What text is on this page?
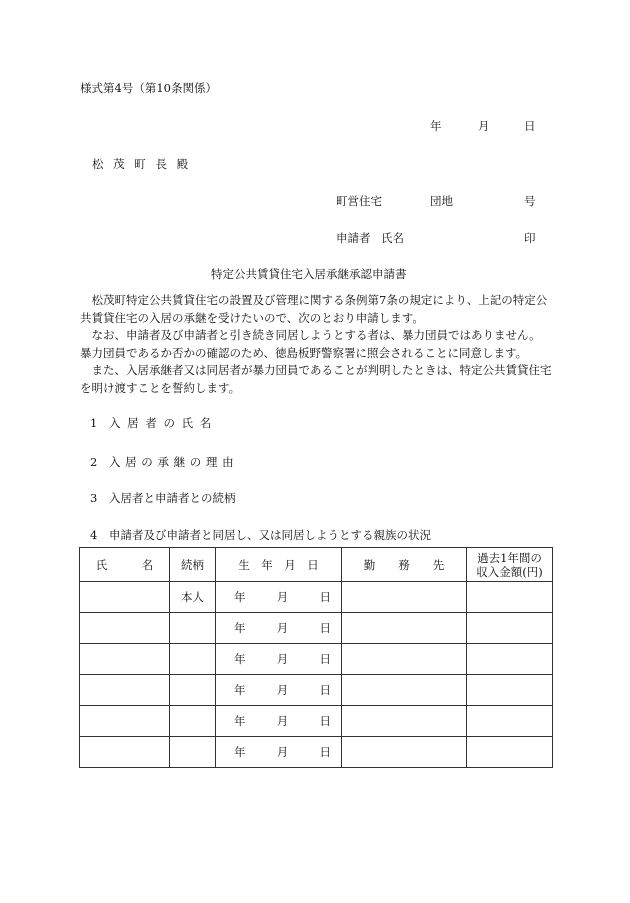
様式第4号（第10条関係）
年	月	日
松 茂 町 長 殿
町営住宅	団地	号
申請者 氏名	印
特定公共賃貸住宅入居承継承認申請書

松茂町特定公共賃貸住宅の設置及び管理に関する条例第7条の規定により、上記の特定公共賃貸住宅の入居の承継を受けたいので、次のとおり申請します。

なお、申請者及び申請者と引き続き同居しようとする者は、暴力団員ではありません。暴力団員であるか否かの確認のため、徳島板野警察署に照会されることに同意します。

また、入居承継者又は同居者が暴力団員であることが判明したときは、特定公共賃貸住宅を明け渡すことを誓約します。

1 入 居 者 の 氏 名
2 入 居 の 承 継 の 理 由
3 入居者と申請者との続柄
4 申請者及び申請者と同居し、又は同居しようとする親族の状況
氏　　　名	続柄	生　年　月　日	勤　　務　　先	過去1年間の
収入金額(円)

	本人	年 月 日		

		年 月 日		

		年 月 日		

		年 月 日		

		年 月 日		

		年 月 日		
